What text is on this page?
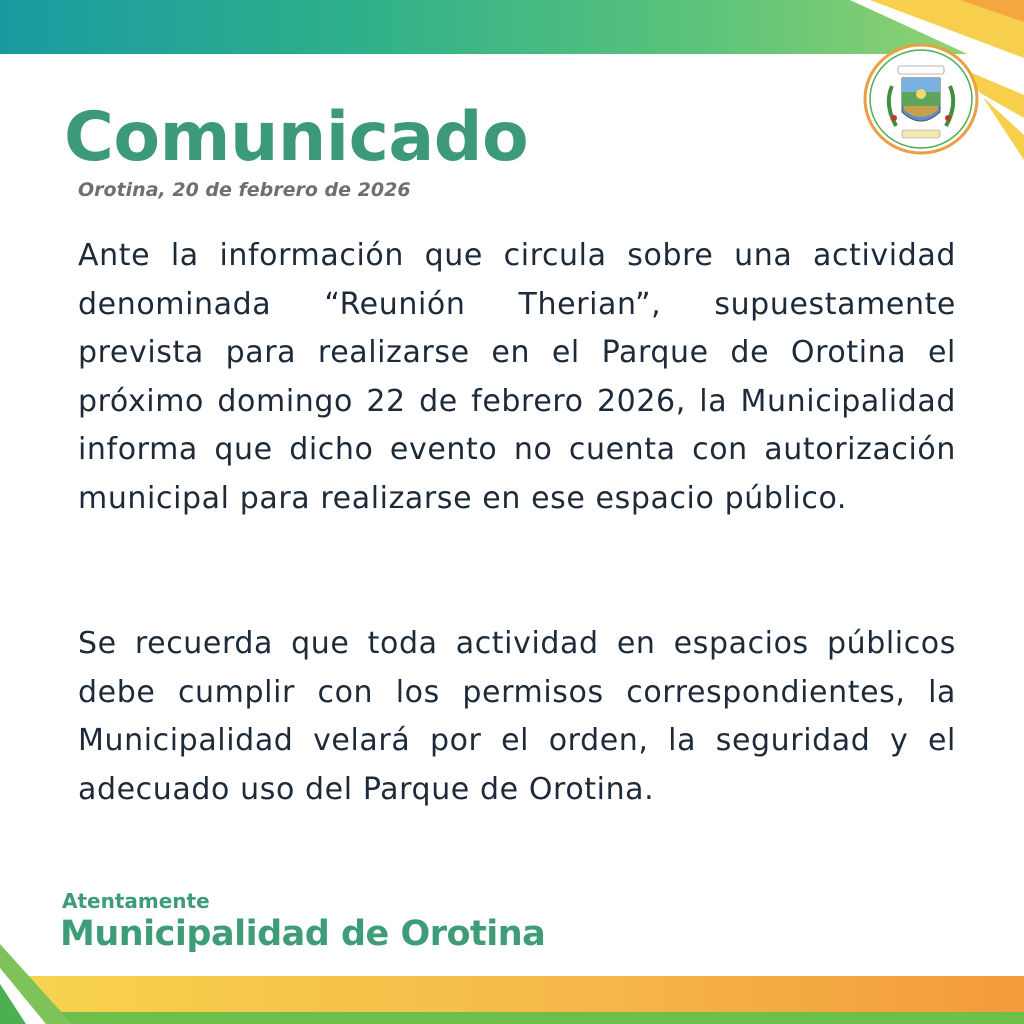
Comunicado
Orotina, 20 de febrero de 2026

Ante la información que circula sobre una actividad denominada “Reunión Therian”, supuestamente prevista para realizarse en el Parque de Orotina el próximo domingo 22 de febrero 2026, la Municipalidad informa que dicho evento no cuenta con autorización municipal para realizarse en ese espacio público.

Se recuerda que toda actividad en espacios públicos debe cumplir con los permisos correspondientes, la Municipalidad velará por el orden, la seguridad y el adecuado uso del Parque de Orotina.

Atentamente
Municipalidad de Orotina
